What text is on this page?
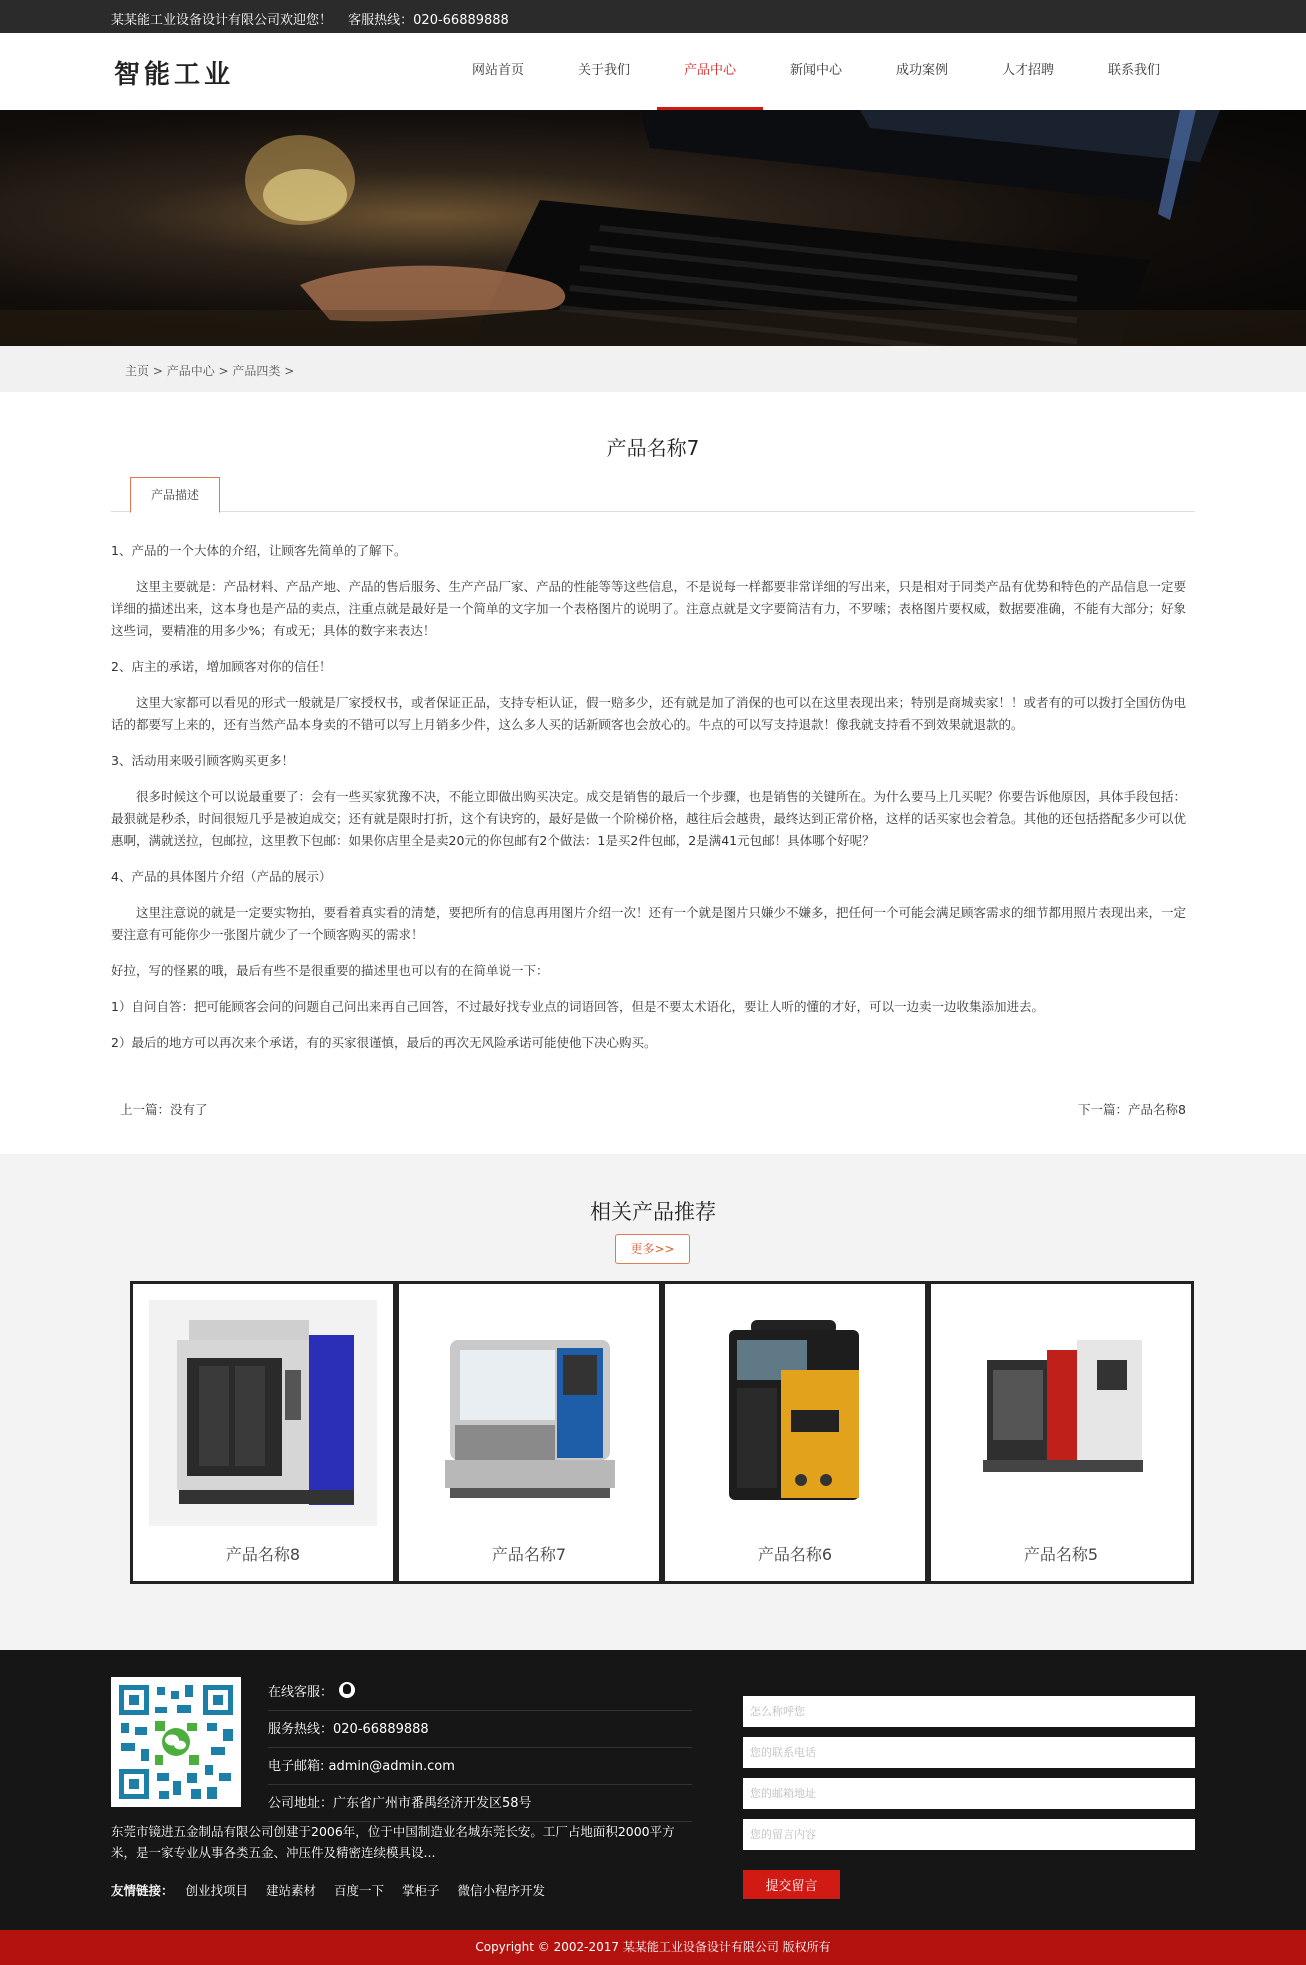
某某能工业设备设计有限公司欢迎您！ 客服热线：020-66889888
智能工业	网站首页	关于我们	产品中心	新闻中心	成功案例	人才招聘	联系我们
主页 > 产品中心 > 产品四类 >
产品名称7
产品描述

1、产品的一个大体的介绍，让顾客先简单的了解下。

这里主要就是：产品材料、产品产地、产品的售后服务、生产产品厂家、产品的性能等等这些信息，不是说每一样都要非常详细的写出来，只是相对于同类产品有优势和特色的产品信息一定要详细的描述出来，这本身也是产品的卖点，注重点就是最好是一个简单的文字加一个表格图片的说明了。注意点就是文字要简洁有力，不罗嗦；表格图片要权威，数据要准确，不能有大部分；好象这些词，要精准的用多少%；有或无；具体的数字来表达！

2、店主的承诺，增加顾客对你的信任！

这里大家都可以看见的形式一般就是厂家授权书，或者保证正品，支持专柜认证，假一赔多少，还有就是加了消保的也可以在这里表现出来；特别是商城卖家！！或者有的可以拨打全国仿伪电话的都要写上来的，还有当然产品本身卖的不错可以写上月销多少件，这么多人买的话新顾客也会放心的。牛点的可以写支持退款！像我就支持看不到效果就退款的。

3、活动用来吸引顾客购买更多！

很多时候这个可以说最重要了：会有一些买家犹豫不决，不能立即做出购买决定。成交是销售的最后一个步骤，也是销售的关键所在。为什么要马上几买呢？你要告诉他原因，具体手段包括：最狠就是秒杀，时间很短几乎是被迫成交；还有就是限时打折，这个有诀窍的，最好是做一个阶梯价格，越往后会越贵，最终达到正常价格，这样的话买家也会着急。其他的还包括搭配多少可以优惠啊，满就送拉，包邮拉，这里教下包邮：如果你店里全是卖20元的你包邮有2个做法：1是买2件包邮，2是满41元包邮！具体哪个好呢？

4、产品的具体图片介绍（产品的展示）

这里注意说的就是一定要实物拍，要看着真实看的清楚，要把所有的信息再用图片介绍一次！还有一个就是图片只嫌少不嫌多，把任何一个可能会满足顾客需求的细节都用照片表现出来，一定要注意有可能你少一张图片就少了一个顾客购买的需求！

好拉，写的怪累的哦，最后有些不是很重要的描述里也可以有的在简单说一下：

1）自问自答：把可能顾客会问的问题自己问出来再自己回答，不过最好找专业点的词语回答，但是不要太术语化，要让人听的懂的才好，可以一边卖一边收集添加进去。

2）最后的地方可以再次来个承诺，有的买家很谨慎，最后的再次无风险承诺可能使他下决心购买。

上一篇：没有了	下一篇：产品名称8
相关产品推荐
更多>>
产品名称8	产品名称7	产品名称6	产品名称5
在线客服：
服务热线：020-66889888
电子邮箱: admin@admin.com
公司地址：广东省广州市番禺经济开发区58号
东莞市镜进五金制品有限公司创建于2006年，位于中国制造业名城东莞长安。工厂占地面积2000平方米，是一家专业从事各类五金、冲压件及精密连续模具设...
友情链接： 创业找项目 建站素材 百度一下 掌柜子 微信小程序开发
怎么称呼您
您的联系电话
您的邮箱地址
您的留言内容	提交留言
Copyright © 2002-2017 某某能工业设备设计有限公司 版权所有
